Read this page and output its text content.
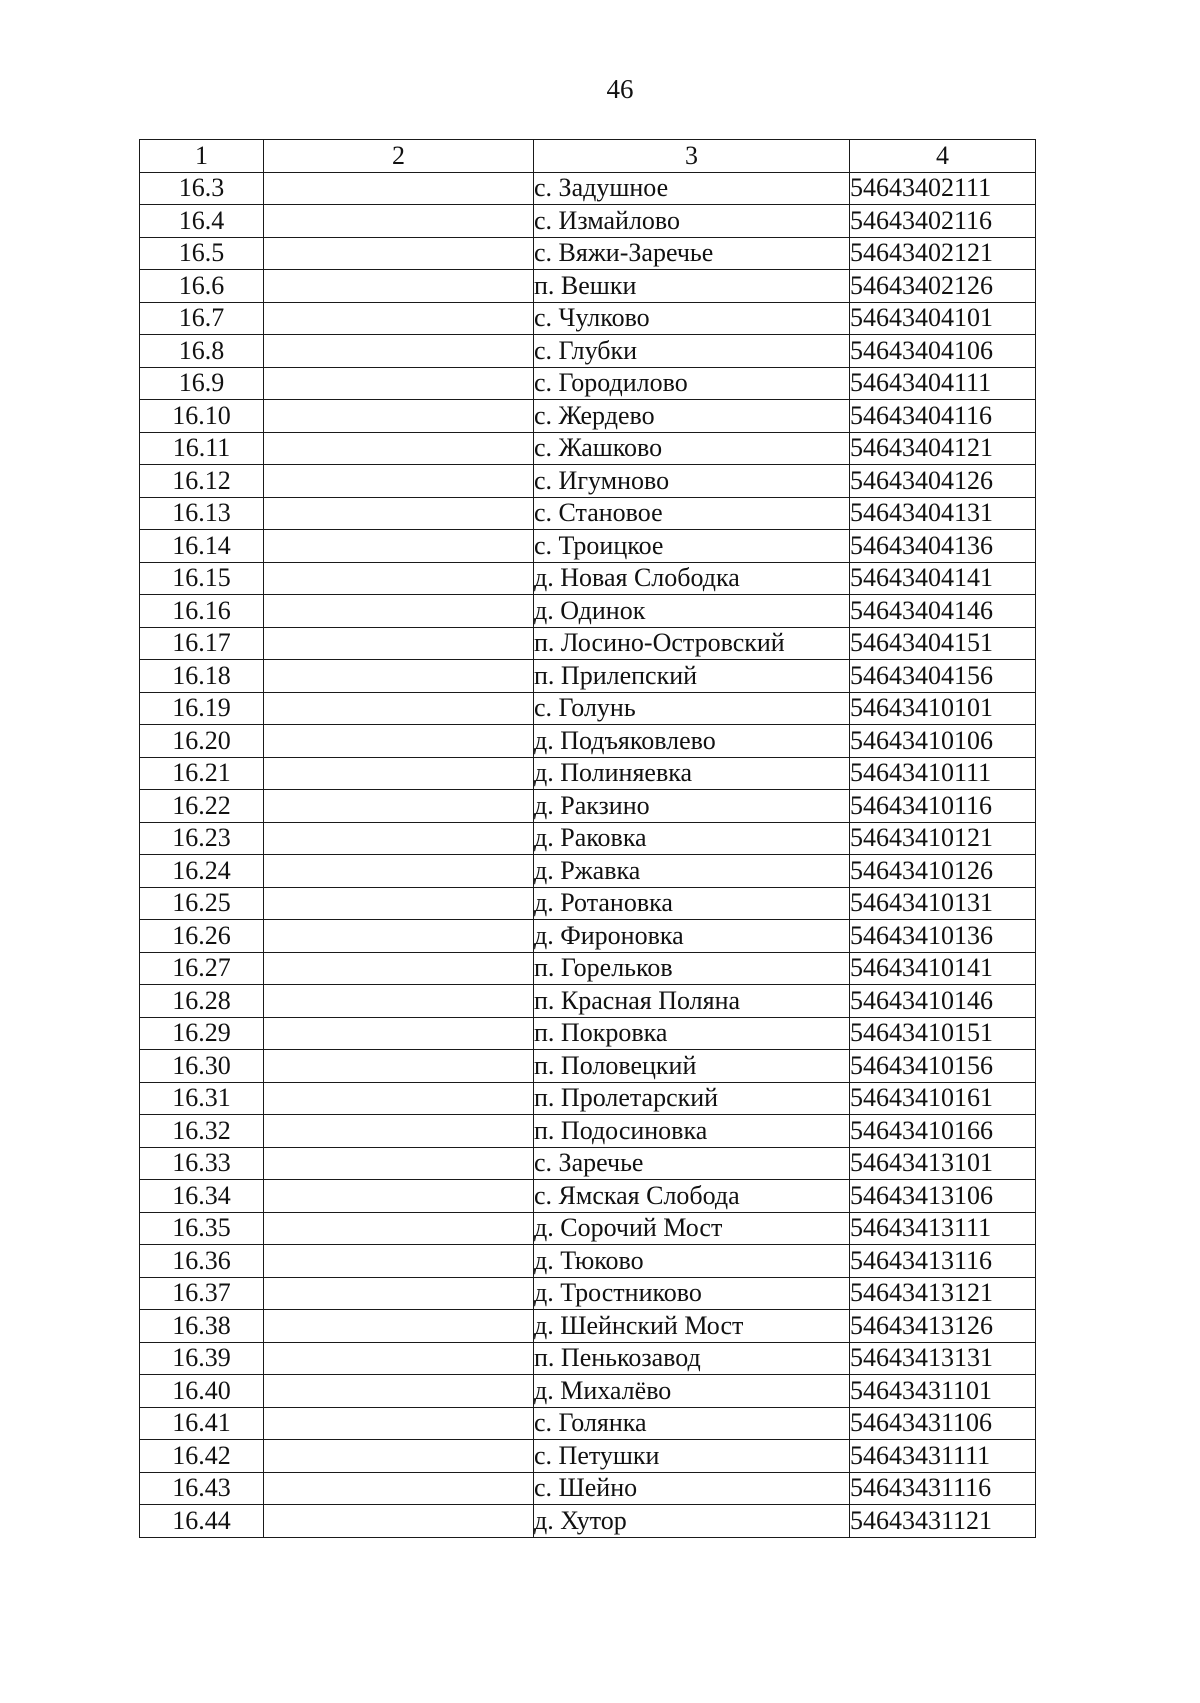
46
1	2	3	4
16.3		с. Задушное	54643402111
16.4		с. Измайлово	54643402116
16.5		с. Вяжи-Заречье	54643402121
16.6		п. Вешки	54643402126
16.7		с. Чулково	54643404101
16.8		с. Глубки	54643404106
16.9		с. Городилово	54643404111
16.10		с. Жердево	54643404116
16.11		с. Жашково	54643404121
16.12		с. Игумново	54643404126
16.13		с. Становое	54643404131
16.14		с. Троицкое	54643404136
16.15		д. Новая Слободка	54643404141
16.16		д. Одинок	54643404146
16.17		п. Лосино-Островский	54643404151
16.18		п. Прилепский	54643404156
16.19		с. Голунь	54643410101
16.20		д. Подъяковлево	54643410106
16.21		д. Полиняевка	54643410111
16.22		д. Ракзино	54643410116
16.23		д. Раковка	54643410121
16.24		д. Ржавка	54643410126
16.25		д. Ротановка	54643410131
16.26		д. Фироновка	54643410136
16.27		п. Горельков	54643410141
16.28		п. Красная Поляна	54643410146
16.29		п. Покровка	54643410151
16.30		п. Половецкий	54643410156
16.31		п. Пролетарский	54643410161
16.32		п. Подосиновка	54643410166
16.33		с. Заречье	54643413101
16.34		с. Ямская Слобода	54643413106
16.35		д. Сорочий Мост	54643413111
16.36		д. Тюково	54643413116
16.37		д. Тростниково	54643413121
16.38		д. Шейнский Мост	54643413126
16.39		п. Пенькозавод	54643413131
16.40		д. Михалёво	54643431101
16.41		с. Голянка	54643431106
16.42		с. Петушки	54643431111
16.43		с. Шейно	54643431116
16.44		д. Хутор	54643431121
